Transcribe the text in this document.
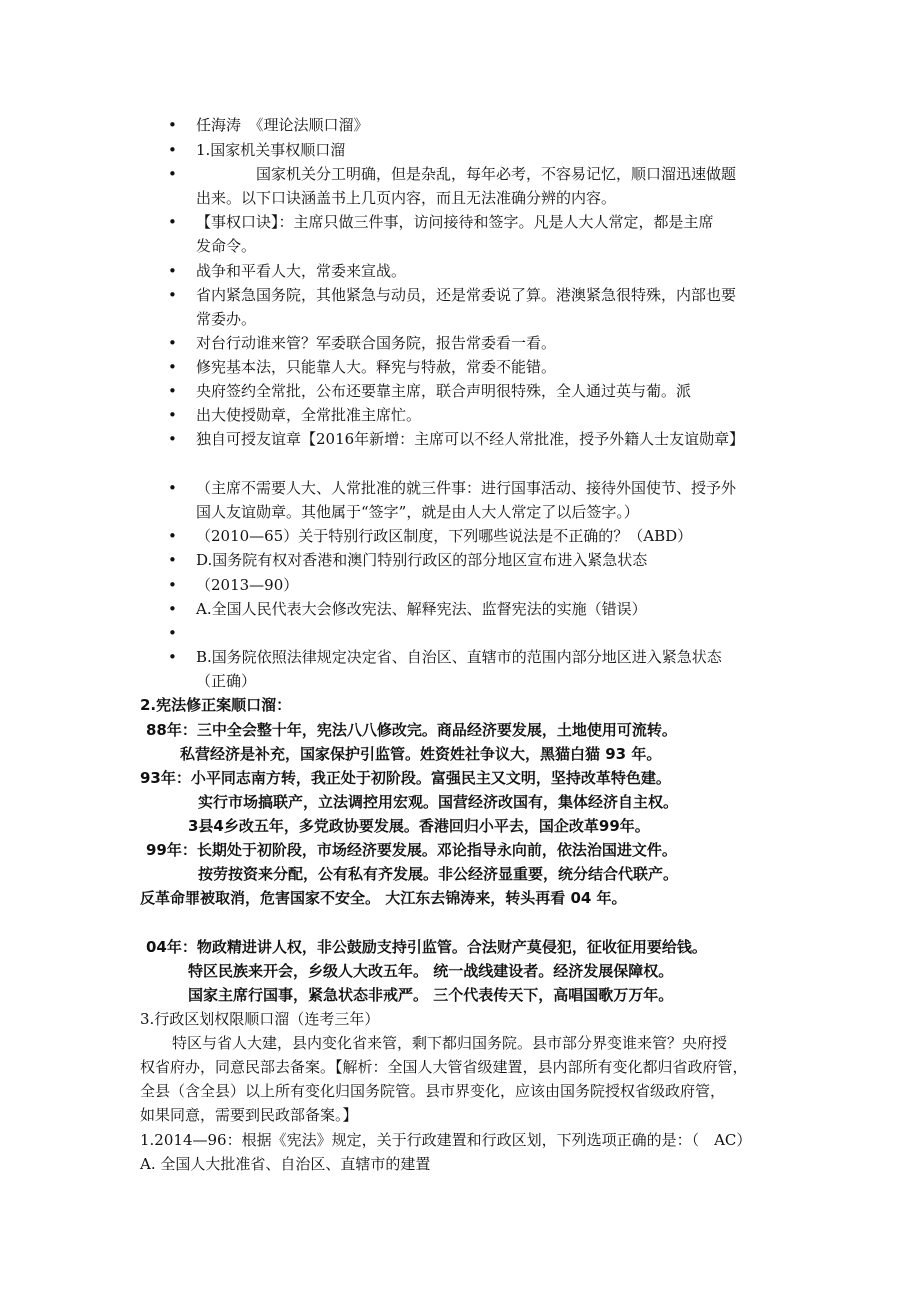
• 任海涛　《理论法顺口溜》
• 1.国家机关事权顺口溜
• 　　　　国家机关分工明确，但是杂乱，每年必考，不容易记忆，顺口溜迅速做题
出来。以下口诀涵盖书上几页内容，而且无法准确分辨的内容。
• 【事权口诀】：主席只做三件事，访问接待和签字。凡是人大人常定，都是主席
发命令。
• 战争和平看人大，常委来宣战。
• 省内紧急国务院，其他紧急与动员，还是常委说了算。港澳紧急很特殊，内部也要
常委办。
• 对台行动谁来管？军委联合国务院，报告常委看一看。
• 修宪基本法，只能靠人大。释宪与特赦，常委不能错。
• 央府签约全常批，公布还要靠主席，联合声明很特殊，全人通过英与葡。派
• 出大使授勋章，全常批准主席忙。
• 独自可授友谊章【2016年新增：主席可以不经人常批准，授予外籍人士友谊勋章】
• （主席不需要人大、人常批准的就三件事：进行国事活动、接待外国使节、授予外
国人友谊勋章。其他属于“签字”，就是由人大人常定了以后签字。）
• （2010—65）关于特别行政区制度，下列哪些说法是不正确的？（ABD）
• D.国务院有权对香港和澳门特别行政区的部分地区宣布进入紧急状态
• （2013—90）
• A.全国人民代表大会修改宪法、解释宪法、监督宪法的实施（错误）
•
• B.国务院依照法律规定决定省、自治区、直辖市的范围内部分地区进入紧急状态
（正确）
2.宪法修正案顺口溜：
88年：三中全会整十年，宪法八八修改完。商品经济要发展，土地使用可流转。
私营经济是补充，国家保护引监管。姓资姓社争议大，黑猫白猫 93 年。
93年：小平同志南方转，我正处于初阶段。富强民主又文明，坚持改革特色建。
实行市场搞联产，立法调控用宏观。国营经济改国有，集体经济自主权。
3县4乡改五年，多党政协要发展。香港回归小平去，国企改革99年。
99年：长期处于初阶段，市场经济要发展。邓论指导永向前，依法治国进文件。
按劳按资来分配，公有私有齐发展。非公经济显重要，统分结合代联产。
反革命罪被取消，危害国家不安全。 大江东去锦涛来，转头再看 04 年。
04年：物政精进讲人权，非公鼓励支持引监管。合法财产莫侵犯，征收征用要给钱。
特区民族来开会，乡级人大改五年。 统一战线建设者。经济发展保障权。
国家主席行国事，紧急状态非戒严。 三个代表传天下，高唱国歌万万年。
3.行政区划权限顺口溜（连考三年）
特区与省人大建，县内变化省来管，剩下都归国务院。县市部分界变谁来管？央府授
权省府办，同意民部去备案。【解析：全国人大管省级建置，县内部所有变化都归省政府管，
全县（含全县）以上所有变化归国务院管。县市界变化，应该由国务院授权省级政府管，
如果同意，需要到民政部备案。】
1.2014—96：根据《宪法》规定，关于行政建置和行政区划，下列选项正确的是：（　AC）
A. 全国人大批准省、自治区、直辖市的建置
